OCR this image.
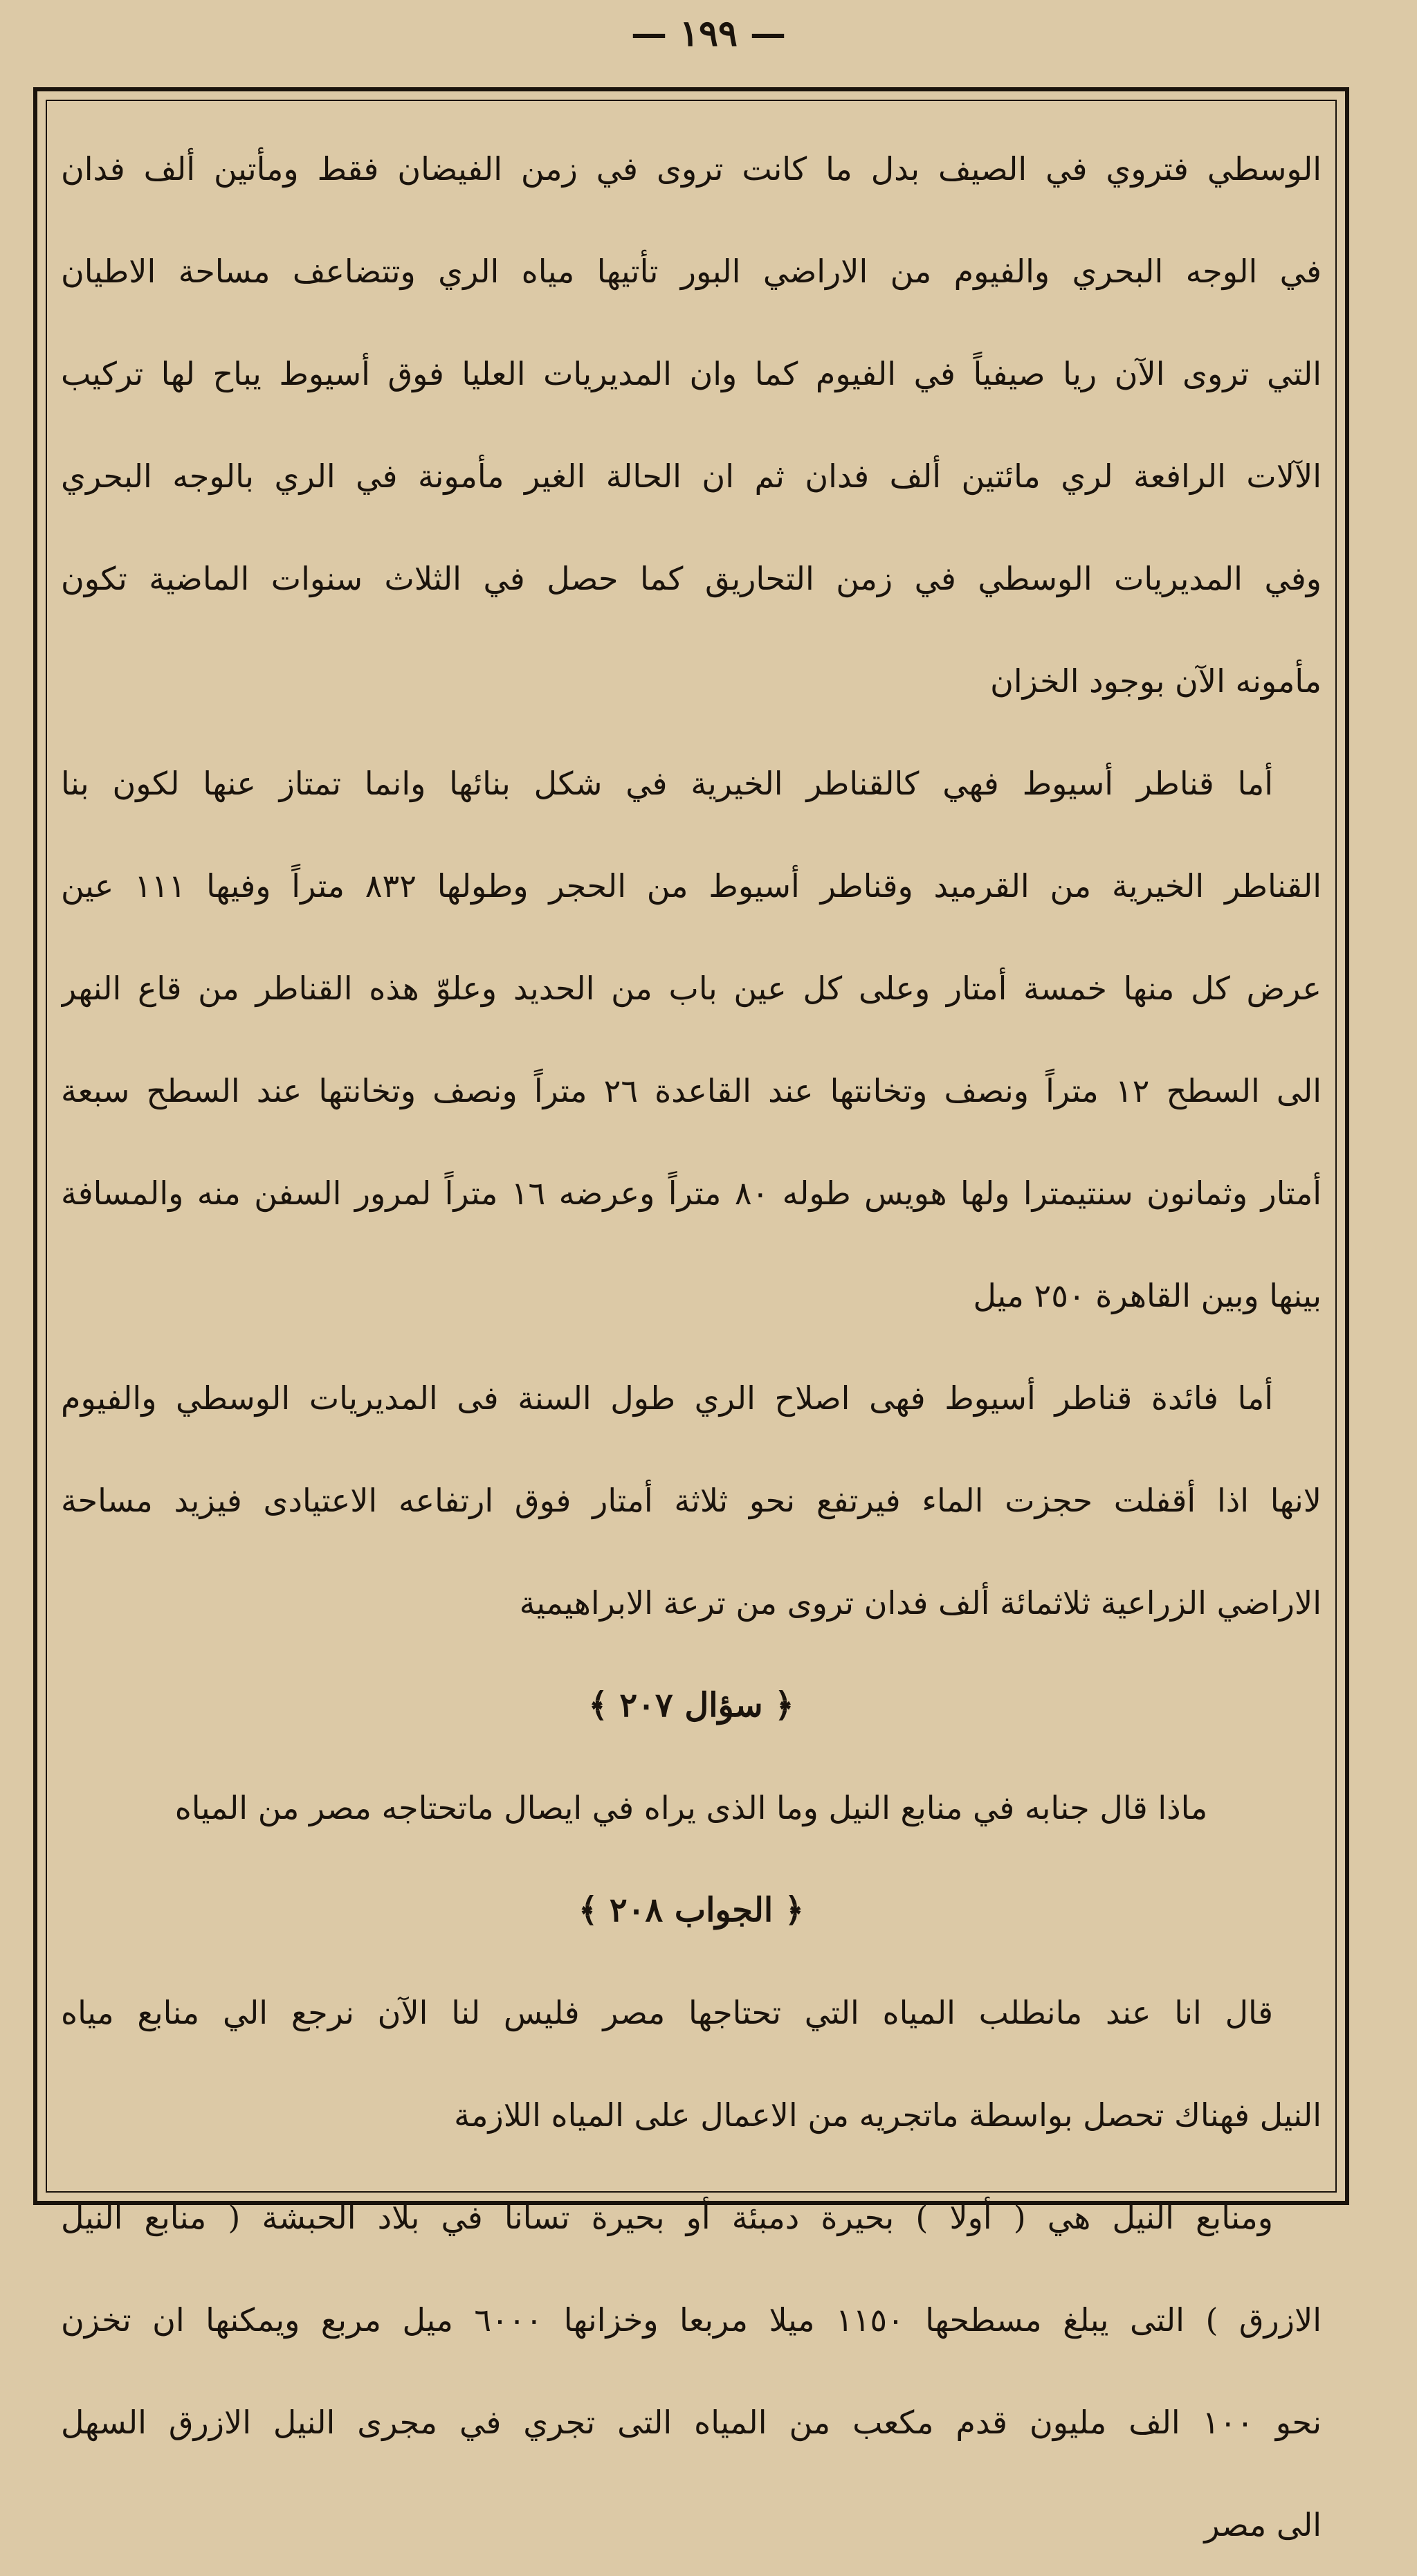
— ١٩٩ —
الوسطي فتروي في الصيف بدل ما كانت تروى في زمن الفيضان فقط ومأتين ألف فدان
في الوجه البحري والفيوم من الاراضي البور تأتيها مياه الري وتتضاعف مساحة الاطيان
التي تروى الآن ريا صيفياً في الفيوم كما وان المديريات العليا فوق أسيوط يباح لها تركيب
الآلات الرافعة لري مائتين ألف فدان ثم ان الحالة الغير مأمونة في الري بالوجه البحري
وفي المديريات الوسطي في زمن التحاريق كما حصل في الثلاث سنوات الماضية تكون
مأمونه الآن بوجود الخزان
أما قناطر أسيوط فهي كالقناطر الخيرية في شكل بنائها وانما تمتاز عنها لكون بنا
القناطر الخيرية من القرميد وقناطر أسيوط من الحجر وطولها ٨٣٢ متراً وفيها ١١١ عين
عرض كل منها خمسة أمتار وعلى كل عين باب من الحديد وعلوّ هذه القناطر من قاع النهر
الى السطح ١٢ متراً ونصف وتخانتها عند القاعدة ٢٦ متراً ونصف وتخانتها عند السطح سبعة
أمتار وثمانون سنتيمترا ولها هويس طوله ٨٠ متراً وعرضه ١٦ متراً لمرور السفن منه والمسافة
بينها وبين القاهرة ٢٥٠ ميل
أما فائدة قناطر أسيوط فهى اصلاح الري طول السنة فى المديريات الوسطي والفيوم
لانها اذا أقفلت حجزت الماء فيرتفع نحو ثلاثة أمتار فوق ارتفاعه الاعتيادى فيزيد مساحة
الاراضي الزراعية ثلاثمائة ألف فدان تروى من ترعة الابراهيمية
﴿ سؤال ٢٠٧ ﴾
ماذا قال جنابه في منابع النيل وما الذى يراه في ايصال ماتحتاجه مصر من المياه
﴿ الجواب ٢٠٨ ﴾
قال انا عند مانطلب المياه التي تحتاجها مصر فليس لنا الآن نرجع الي منابع مياه
النيل فهناك تحصل بواسطة ماتجريه من الاعمال على المياه اللازمة
ومنابع النيل هي ( أولا ) بحيرة دمبئة أو بحيرة تسانا في بلاد الحبشة ( منابع النيل
الازرق ) التى يبلغ مسطحها ١١٥٠ ميلا مربعا وخزانها ٦٠٠٠ ميل مربع ويمكنها ان تخزن
نحو ١٠٠ الف مليون قدم مكعب من المياه التى تجري في مجرى النيل الازرق السهل
الى مصر
